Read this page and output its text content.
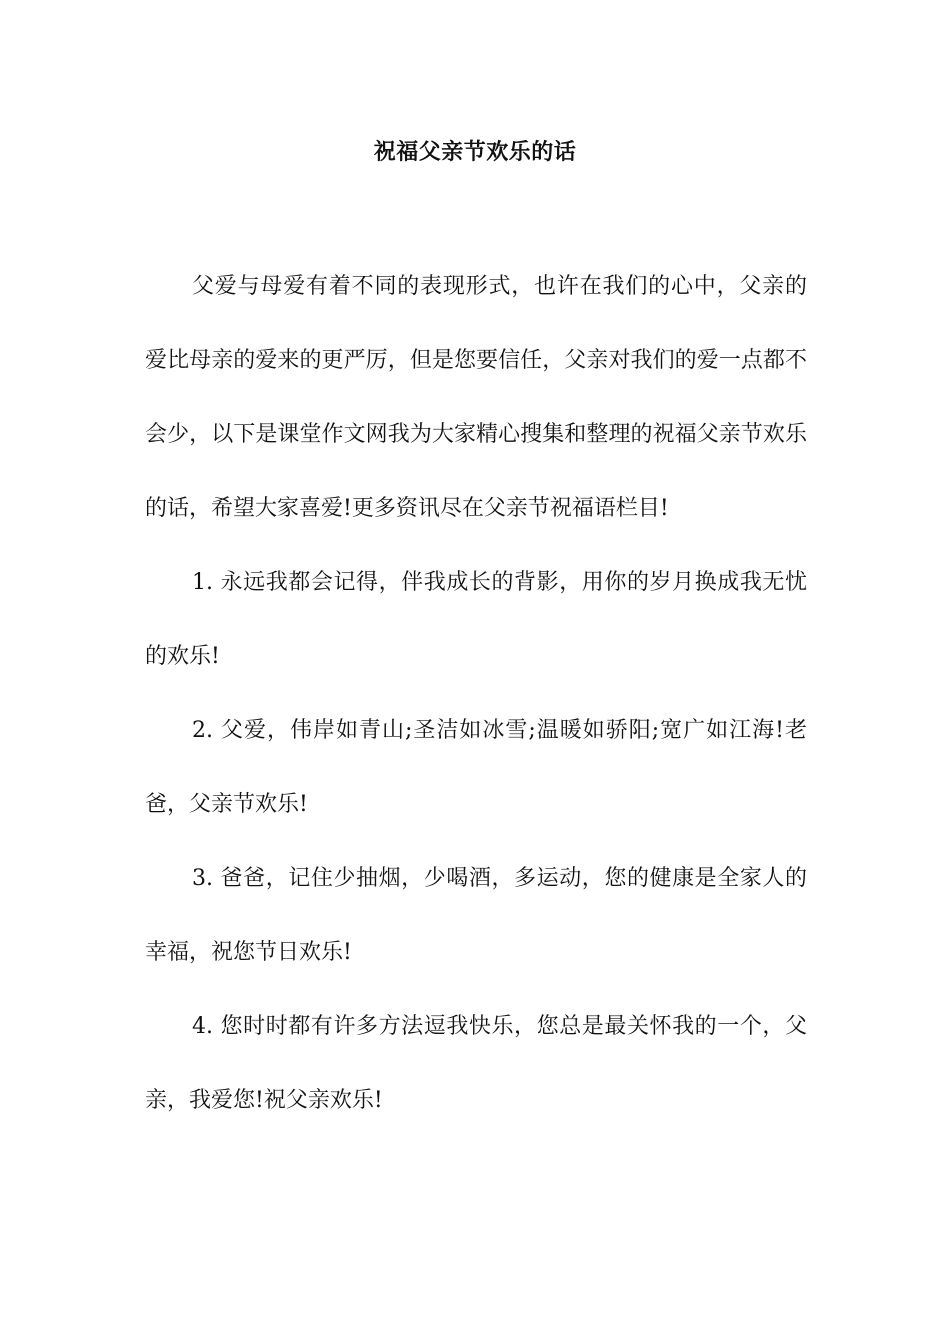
祝福父亲节欢乐的话

父爱与母爱有着不同的表现形式，也许在我们的心中，父亲的爱比母亲的爱来的更严厉，但是您要信任，父亲对我们的爱一点都不会少，以下是课堂作文网我为大家精心搜集和整理的祝福父亲节欢乐的话，希望大家喜爱!更多资讯尽在父亲节祝福语栏目!

1. 永远我都会记得，伴我成长的背影，用你的岁月换成我无忧的欢乐!

2. 父爱，伟岸如青山;圣洁如冰雪;温暖如骄阳;宽广如江海!老爸，父亲节欢乐!

3. 爸爸，记住少抽烟，少喝酒，多运动，您的健康是全家人的幸福，祝您节日欢乐!

4. 您时时都有许多方法逗我快乐，您总是最关怀我的一个，父亲，我爱您!祝父亲欢乐!
